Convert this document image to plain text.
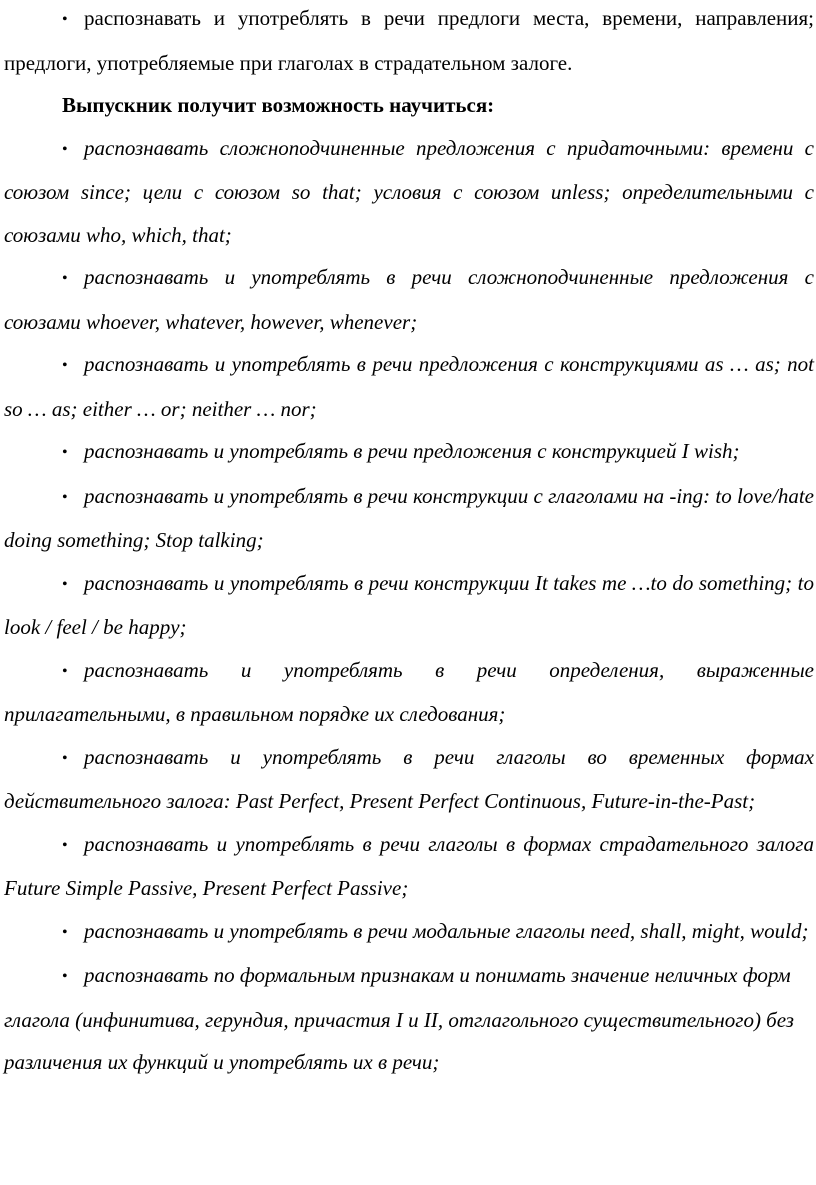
• распознавать и употреблять в речи предлоги места, времени, направления; предлоги, употребляемые при глаголах в страдательном залоге.

Выпускник получит возможность научиться:

• распознавать сложноподчиненные предложения с придаточными: времени с союзом since; цели с союзом so that; условия с союзом unless; определительными с союзами who, which, that;

• распознавать и употреблять в речи сложноподчиненные предложения с союзами whoever, whatever, however, whenever;

• распознавать и употреблять в речи предложения с конструкциями as … as; not so … as; either … or; neither … nor;

• распознавать и употреблять в речи предложения с конструкцией I wish;

• распознавать и употреблять в речи конструкции с глаголами на -ing: to love/hate doing something; Stop talking;

• распознавать и употреблять в речи конструкции It takes me …to do something; to look / feel / be happy;

• распознавать и употреблять в речи определения, выраженные прилагательными, в правильном порядке их следования;

• распознавать и употреблять в речи глаголы во временных формах действительного залога: Past Perfect, Present Perfect Continuous, Future-in-the-Past;

• распознавать и употреблять в речи глаголы в формах страдательного залога Future Simple Passive, Present Perfect Passive;

• распознавать и употреблять в речи модальные глаголы need, shall, might, would;

• распознавать по формальным признакам и понимать значение неличных форм глагола (инфинитива, герундия, причастия I и II, отглагольного существительного) без различения их функций и употреблять их в речи;
